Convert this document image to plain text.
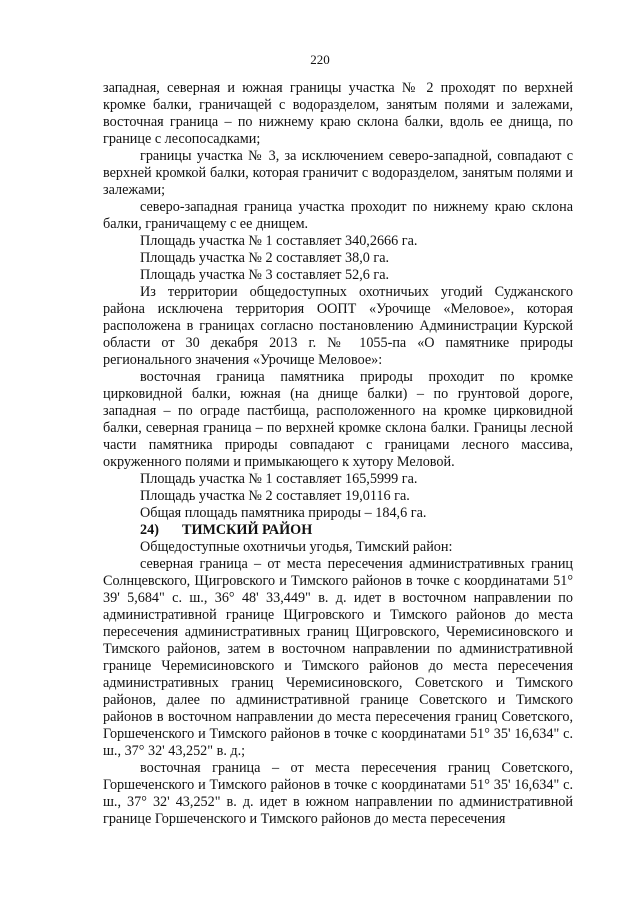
220

западная, северная и южная границы участка № 2 проходят по верхней кромке балки, граничащей с водоразделом, занятым полями и залежами, восточная граница – по нижнему краю склона балки, вдоль ее днища, по границе с лесопосадками;

границы участка № 3, за исключением северо-западной, совпадают с верхней кромкой балки, которая граничит с водоразделом, занятым полями и залежами;

северо-западная граница участка проходит по нижнему краю склона балки, граничащему с ее днищем.

Площадь участка № 1 составляет 340,2666 га.

Площадь участка № 2 составляет 38,0 га.

Площадь участка № 3 составляет 52,6 га.

Из территории общедоступных охотничьих угодий Суджанского района исключена территория ООПТ «Урочище «Меловое», которая расположена в границах согласно постановлению Администрации Курской области от 30 декабря 2013 г. № 1055-па «О памятнике природы регионального значения «Урочище Меловое»:

восточная граница памятника природы проходит по кромке цирковидной балки, южная (на днище балки) – по грунтовой дороге, западная – по ограде пастбища, расположенного на кромке цирковидной балки, северная граница – по верхней кромке склона балки. Границы лесной части памятника природы совпадают с границами лесного массива, окруженного полями и примыкающего к хутору Меловой.

Площадь участка № 1 составляет 165,5999 га.

Площадь участка № 2 составляет 19,0116 га.

Общая площадь памятника природы – 184,6 га.

24) ТИМСКИЙ РАЙОН

Общедоступные охотничьи угодья, Тимский район:

северная граница – от места пересечения административных границ Солнцевского, Щигровского и Тимского районов в точке с координатами 51° 39' 5,684" с. ш., 36° 48' 33,449" в. д. идет в восточном направлении по административной границе Щигровского и Тимского районов до места пересечения административных границ Щигровского, Черемисиновского и Тимского районов, затем в восточном направлении по административной границе Черемисиновского и Тимского районов до места пересечения административных границ Черемисиновского, Советского и Тимского районов, далее по административной границе Советского и Тимского районов в восточном направлении до места пересечения границ Советского, Горшеченского и Тимского районов в точке с координатами 51° 35' 16,634" с. ш., 37° 32' 43,252" в. д.;

восточная граница – от места пересечения границ Советского, Горшеченского и Тимского районов в точке с координатами 51° 35' 16,634" с. ш., 37° 32' 43,252" в. д. идет в южном направлении по административной границе Горшеченского и Тимского районов до места пересечения
